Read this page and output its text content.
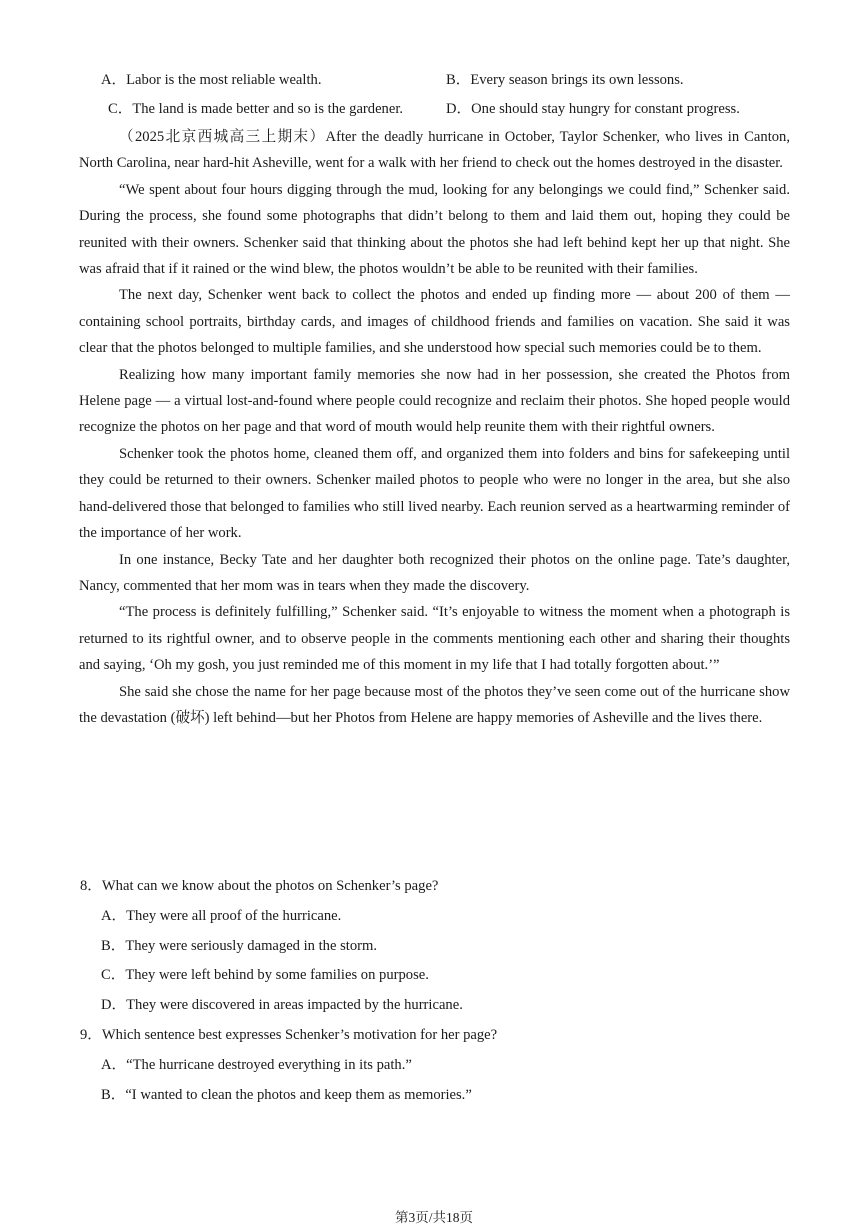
A．Labor is the most reliable wealth.	B．Every season brings its own lessons.
C．The land is made better and so is the gardener.	D．One should stay hungry for constant progress.

（2025北京西城高三上期末）After the deadly hurricane in October, Taylor Schenker, who lives in Canton, North Carolina, near hard-hit Asheville, went for a walk with her friend to check out the homes destroyed in the disaster.

“We spent about four hours digging through the mud, looking for any belongings we could find,” Schenker said. During the process, she found some photographs that didn’t belong to them and laid them out, hoping they could be reunited with their owners. Schenker said that thinking about the photos she had left behind kept her up that night. She was afraid that if it rained or the wind blew, the photos wouldn’t be able to be reunited with their families.

The next day, Schenker went back to collect the photos and ended up finding more — about 200 of them — containing school portraits, birthday cards, and images of childhood friends and families on vacation. She said it was clear that the photos belonged to multiple families, and she understood how special such memories could be to them.

Realizing how many important family memories she now had in her possession, she created the Photos from Helene page — a virtual lost-and-found where people could recognize and reclaim their photos. She hoped people would recognize the photos on her page and that word of mouth would help reunite them with their rightful owners.

Schenker took the photos home, cleaned them off, and organized them into folders and bins for safekeeping until they could be returned to their owners. Schenker mailed photos to people who were no longer in the area, but she also hand-delivered those that belonged to families who still lived nearby. Each reunion served as a heartwarming reminder of the importance of her work.

In one instance, Becky Tate and her daughter both recognized their photos on the online page. Tate’s daughter, Nancy, commented that her mom was in tears when they made the discovery.

“The process is definitely fulfilling,” Schenker said. “It’s enjoyable to witness the moment when a photograph is returned to its rightful owner, and to observe people in the comments mentioning each other and sharing their thoughts and saying, ‘Oh my gosh, you just reminded me of this moment in my life that I had totally forgotten about.’”

She said she chose the name for her page because most of the photos they’ve seen come out of the hurricane show the devastation (破坏) left behind—but her Photos from Helene are happy memories of Asheville and the lives there.

8．What can we know about the photos on Schenker’s page?
A．They were all proof of the hurricane.
B．They were seriously damaged in the storm.
C．They were left behind by some families on purpose.
D．They were discovered in areas impacted by the hurricane.
9．Which sentence best expresses Schenker’s motivation for her page?
A．“The hurricane destroyed everything in its path.”
B．“I wanted to clean the photos and keep them as memories.”
第3页/共18页
